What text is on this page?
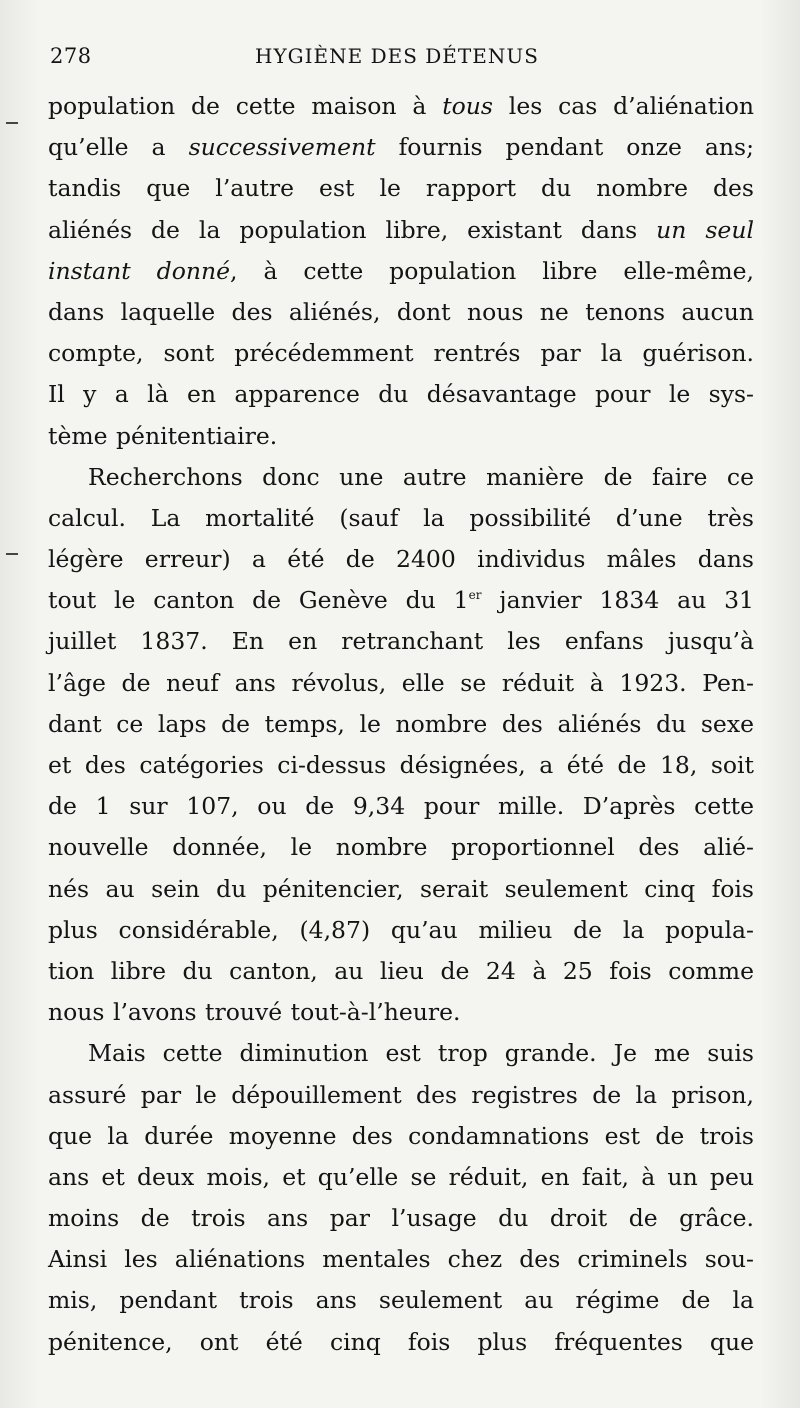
278	HYGIÈNE DES DÉTENUS
population de cette maison à tous les cas d’aliénation
qu’elle a successivement fournis pendant onze ans;
tandis que l’autre est le rapport du nombre des
aliénés de la population libre, existant dans un seul
instant donné, à cette population libre elle-même,
dans laquelle des aliénés, dont nous ne tenons aucun
compte, sont précédemment rentrés par la guérison.
Il y a là en apparence du désavantage pour le sys-
tème pénitentiaire.
Recherchons donc une autre manière de faire ce
calcul. La mortalité (sauf la possibilité d’une très
légère erreur) a été de 2400 individus mâles dans
tout le canton de Genève du 1er janvier 1834 au 31
juillet 1837. En en retranchant les enfans jusqu’à
l’âge de neuf ans révolus, elle se réduit à 1923. Pen-
dant ce laps de temps, le nombre des aliénés du sexe
et des catégories ci-dessus désignées, a été de 18, soit
de 1 sur 107, ou de 9,34 pour mille. D’après cette
nouvelle donnée, le nombre proportionnel des alié-
nés au sein du pénitencier, serait seulement cinq fois
plus considérable, (4,87) qu’au milieu de la popula-
tion libre du canton, au lieu de 24 à 25 fois comme
nous l’avons trouvé tout-à-l’heure.
Mais cette diminution est trop grande. Je me suis
assuré par le dépouillement des registres de la prison,
que la durée moyenne des condamnations est de trois
ans et deux mois, et qu’elle se réduit, en fait, à un peu
moins de trois ans par l’usage du droit de grâce.
Ainsi les aliénations mentales chez des criminels sou-
mis, pendant trois ans seulement au régime de la
pénitence, ont été cinq fois plus fréquentes que
